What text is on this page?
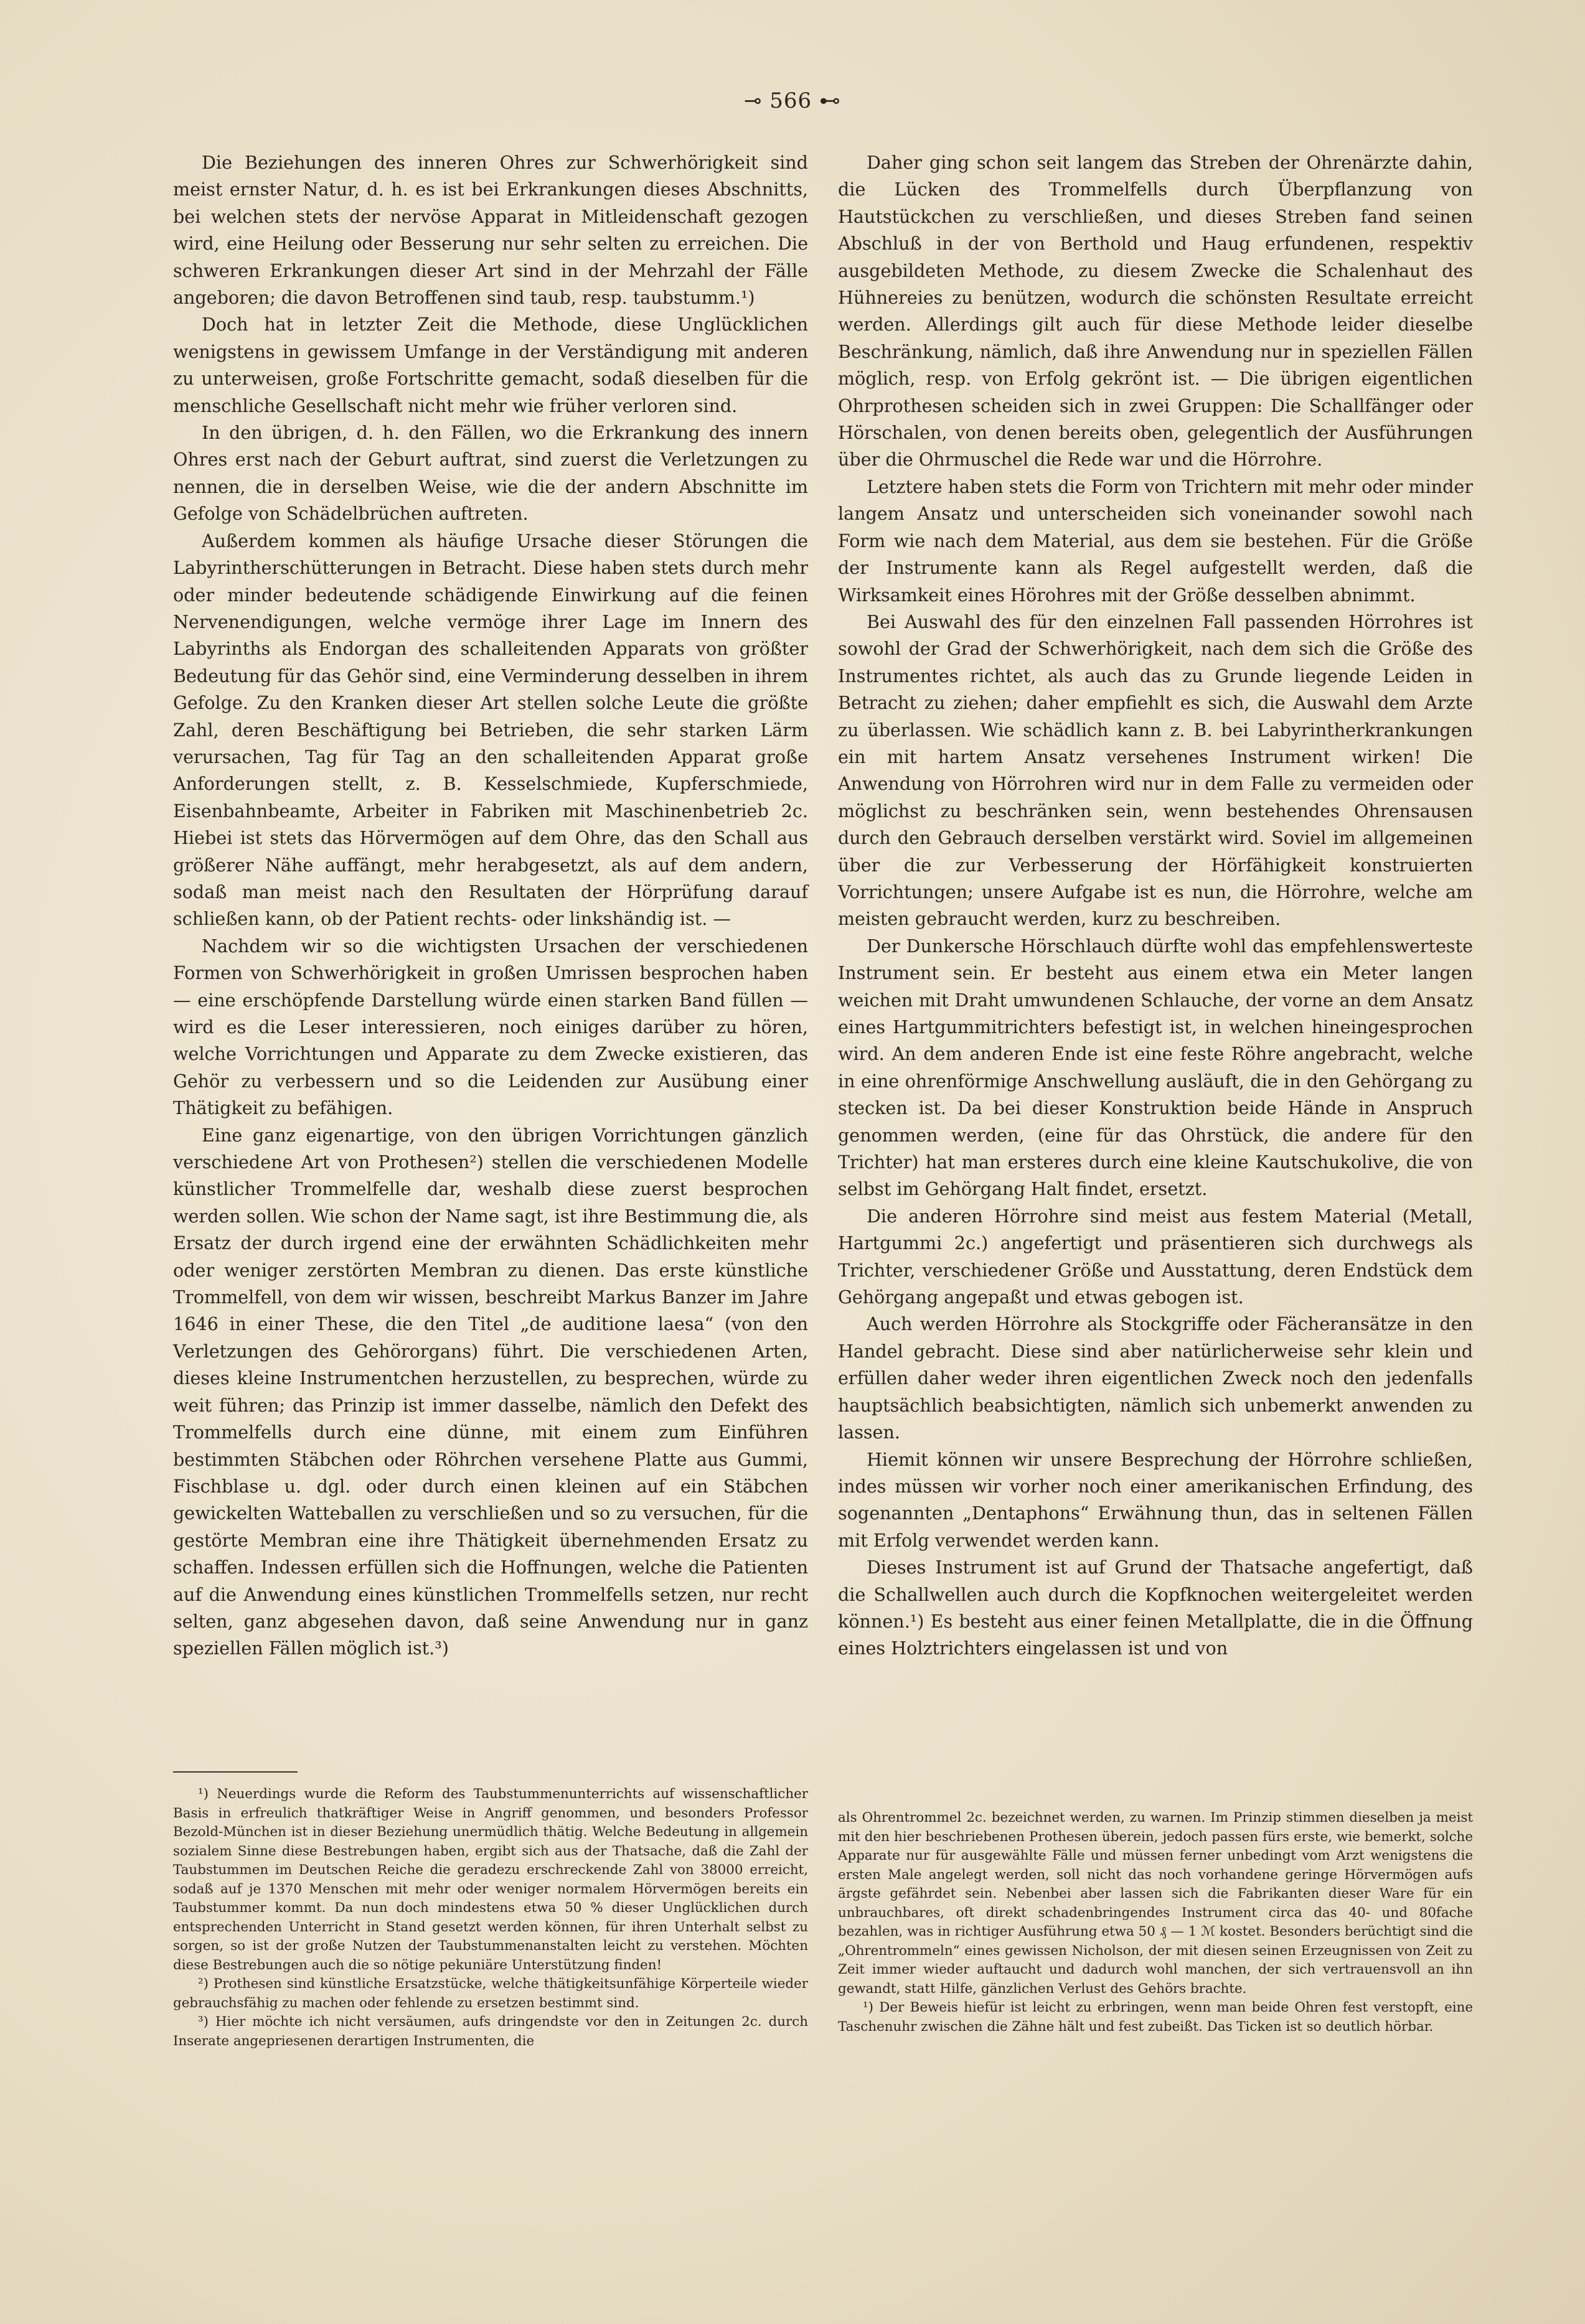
⊸ 566 ⊷

Die Beziehungen des inneren Ohres zur Schwerhörigkeit sind meist ernster Natur, d. h. es ist bei Erkrankungen dieses Abschnitts, bei welchen stets der nervöse Apparat in Mitleidenschaft gezogen wird, eine Heilung oder Besserung nur sehr selten zu erreichen. Die schweren Erkrankungen dieser Art sind in der Mehrzahl der Fälle angeboren; die davon Betroffenen sind taub, resp. taubstumm.¹)

Doch hat in letzter Zeit die Methode, diese Unglücklichen wenigstens in gewissem Umfange in der Verständigung mit anderen zu unterweisen, große Fortschritte gemacht, sodaß dieselben für die menschliche Gesellschaft nicht mehr wie früher verloren sind.

In den übrigen, d. h. den Fällen, wo die Erkrankung des innern Ohres erst nach der Geburt auftrat, sind zuerst die Verletzungen zu nennen, die in derselben Weise, wie die der andern Abschnitte im Gefolge von Schädelbrüchen auftreten.

Außerdem kommen als häufige Ursache dieser Störungen die Labyrintherschütterungen in Betracht. Diese haben stets durch mehr oder minder bedeutende schädigende Einwirkung auf die feinen Nervenendigungen, welche vermöge ihrer Lage im Innern des Labyrinths als Endorgan des schalleitenden Apparats von größter Bedeutung für das Gehör sind, eine Verminderung desselben in ihrem Gefolge. Zu den Kranken dieser Art stellen solche Leute die größte Zahl, deren Beschäftigung bei Betrieben, die sehr starken Lärm verursachen, Tag für Tag an den schalleitenden Apparat große Anforderungen stellt, z. B. Kesselschmiede, Kupferschmiede, Eisenbahnbeamte, Arbeiter in Fabriken mit Maschinenbetrieb 2c. Hiebei ist stets das Hörvermögen auf dem Ohre, das den Schall aus größerer Nähe auffängt, mehr herabgesetzt, als auf dem andern, sodaß man meist nach den Resultaten der Hörprüfung darauf schließen kann, ob der Patient rechts- oder linkshändig ist. —

Nachdem wir so die wichtigsten Ursachen der verschiedenen Formen von Schwerhörigkeit in großen Umrissen besprochen haben — eine erschöpfende Darstellung würde einen starken Band füllen — wird es die Leser interessieren, noch einiges darüber zu hören, welche Vorrichtungen und Apparate zu dem Zwecke existieren, das Gehör zu verbessern und so die Leidenden zur Ausübung einer Thätigkeit zu befähigen.

Eine ganz eigenartige, von den übrigen Vorrichtungen gänzlich verschiedene Art von Prothesen²) stellen die verschiedenen Modelle künstlicher Trommelfelle dar, weshalb diese zuerst besprochen werden sollen. Wie schon der Name sagt, ist ihre Bestimmung die, als Ersatz der durch irgend eine der erwähnten Schädlichkeiten mehr oder weniger zerstörten Membran zu dienen. Das erste künstliche Trommelfell, von dem wir wissen, beschreibt Markus Banzer im Jahre 1646 in einer These, die den Titel „de auditione laesa“ (von den Verletzungen des Gehörorgans) führt. Die verschiedenen Arten, dieses kleine Instrumentchen herzustellen, zu besprechen, würde zu weit führen; das Prinzip ist immer dasselbe, nämlich den Defekt des Trommelfells durch eine dünne, mit einem zum Einführen bestimmten Stäbchen oder Röhrchen versehene Platte aus Gummi, Fischblase u. dgl. oder durch einen kleinen auf ein Stäbchen gewickelten Watteballen zu verschließen und so zu versuchen, für die gestörte Membran eine ihre Thätigkeit übernehmenden Ersatz zu schaffen. Indessen erfüllen sich die Hoffnungen, welche die Patienten auf die Anwendung eines künstlichen Trommelfells setzen, nur recht selten, ganz abgesehen davon, daß seine Anwendung nur in ganz speziellen Fällen möglich ist.³)

Daher ging schon seit langem das Streben der Ohrenärzte dahin, die Lücken des Trommelfells durch Überpflanzung von Hautstückchen zu verschließen, und dieses Streben fand seinen Abschluß in der von Berthold und Haug erfundenen, respektiv ausgebildeten Methode, zu diesem Zwecke die Schalenhaut des Hühnereies zu benützen, wodurch die schönsten Resultate erreicht werden. Allerdings gilt auch für diese Methode leider dieselbe Beschränkung, nämlich, daß ihre Anwendung nur in speziellen Fällen möglich, resp. von Erfolg gekrönt ist. — Die übrigen eigentlichen Ohrprothesen scheiden sich in zwei Gruppen: Die Schallfänger oder Hörschalen, von denen bereits oben, gelegentlich der Ausführungen über die Ohrmuschel die Rede war und die Hörrohre.

Letztere haben stets die Form von Trichtern mit mehr oder minder langem Ansatz und unterscheiden sich voneinander sowohl nach Form wie nach dem Material, aus dem sie bestehen. Für die Größe der Instrumente kann als Regel aufgestellt werden, daß die Wirksamkeit eines Hörohres mit der Größe desselben abnimmt.

Bei Auswahl des für den einzelnen Fall passenden Hörrohres ist sowohl der Grad der Schwerhörigkeit, nach dem sich die Größe des Instrumentes richtet, als auch das zu Grunde liegende Leiden in Betracht zu ziehen; daher empfiehlt es sich, die Auswahl dem Arzte zu überlassen. Wie schädlich kann z. B. bei Labyrintherkrankungen ein mit hartem Ansatz versehenes Instrument wirken! Die Anwendung von Hörrohren wird nur in dem Falle zu vermeiden oder möglichst zu beschränken sein, wenn bestehendes Ohrensausen durch den Gebrauch derselben verstärkt wird. Soviel im allgemeinen über die zur Verbesserung der Hörfähigkeit konstruierten Vorrichtungen; unsere Aufgabe ist es nun, die Hörrohre, welche am meisten gebraucht werden, kurz zu beschreiben.

Der Dunkersche Hörschlauch dürfte wohl das empfehlenswerteste Instrument sein. Er besteht aus einem etwa ein Meter langen weichen mit Draht umwundenen Schlauche, der vorne an dem Ansatz eines Hartgummitrichters befestigt ist, in welchen hineingesprochen wird. An dem anderen Ende ist eine feste Röhre angebracht, welche in eine ohrenförmige Anschwellung ausläuft, die in den Gehörgang zu stecken ist. Da bei dieser Konstruktion beide Hände in Anspruch genommen werden, (eine für das Ohrstück, die andere für den Trichter) hat man ersteres durch eine kleine Kautschukolive, die von selbst im Gehörgang Halt findet, ersetzt.

Die anderen Hörrohre sind meist aus festem Material (Metall, Hartgummi 2c.) angefertigt und präsentieren sich durchwegs als Trichter, verschiedener Größe und Ausstattung, deren Endstück dem Gehörgang angepaßt und etwas gebogen ist.

Auch werden Hörrohre als Stockgriffe oder Fächeransätze in den Handel gebracht. Diese sind aber natürlicherweise sehr klein und erfüllen daher weder ihren eigentlichen Zweck noch den jedenfalls hauptsächlich beabsichtigten, nämlich sich unbemerkt anwenden zu lassen.

Hiemit können wir unsere Besprechung der Hörrohre schließen, indes müssen wir vorher noch einer amerikanischen Erfindung, des sogenannten „Dentaphons“ Erwähnung thun, das in seltenen Fällen mit Erfolg verwendet werden kann.

Dieses Instrument ist auf Grund der Thatsache angefertigt, daß die Schallwellen auch durch die Kopfknochen weitergeleitet werden können.¹) Es besteht aus einer feinen Metallplatte, die in die Öffnung eines Holztrichters eingelassen ist und von

¹) Neuerdings wurde die Reform des Taubstummenunterrichts auf wissenschaftlicher Basis in erfreulich thatkräftiger Weise in Angriff genommen, und besonders Professor Bezold-München ist in dieser Beziehung unermüdlich thätig. Welche Bedeutung in allgemein sozialem Sinne diese Bestrebungen haben, ergibt sich aus der Thatsache, daß die Zahl der Taubstummen im Deutschen Reiche die geradezu erschreckende Zahl von 38000 erreicht, sodaß auf je 1370 Menschen mit mehr oder weniger normalem Hörvermögen bereits ein Taubstummer kommt. Da nun doch mindestens etwa 50 % dieser Unglücklichen durch entsprechenden Unterricht in Stand gesetzt werden können, für ihren Unterhalt selbst zu sorgen, so ist der große Nutzen der Taubstummenanstalten leicht zu verstehen. Möchten diese Bestrebungen auch die so nötige pekuniäre Unterstützung finden!

²) Prothesen sind künstliche Ersatzstücke, welche thätigkeitsunfähige Körperteile wieder gebrauchsfähig zu machen oder fehlende zu ersetzen bestimmt sind.

³) Hier möchte ich nicht versäumen, aufs dringendste vor den in Zeitungen 2c. durch Inserate angepriesenen derartigen Instrumenten, die

als Ohrentrommel 2c. bezeichnet werden, zu warnen. Im Prinzip stimmen dieselben ja meist mit den hier beschriebenen Prothesen überein, jedoch passen fürs erste, wie bemerkt, solche Apparate nur für ausgewählte Fälle und müssen ferner unbedingt vom Arzt wenigstens die ersten Male angelegt werden, soll nicht das noch vorhandene geringe Hörvermögen aufs ärgste gefährdet sein. Nebenbei aber lassen sich die Fabrikanten dieser Ware für ein unbrauchbares, oft direkt schadenbringendes Instrument circa das 40- und 80fache bezahlen, was in richtiger Ausführung etwa 50 ₰ — 1 ℳ kostet. Besonders berüchtigt sind die „Ohrentrommeln“ eines gewissen Nicholson, der mit diesen seinen Erzeugnissen von Zeit zu Zeit immer wieder auftaucht und dadurch wohl manchen, der sich vertrauensvoll an ihn gewandt, statt Hilfe, gänzlichen Verlust des Gehörs brachte.

¹) Der Beweis hiefür ist leicht zu erbringen, wenn man beide Ohren fest verstopft, eine Taschenuhr zwischen die Zähne hält und fest zubeißt. Das Ticken ist so deutlich hörbar.
